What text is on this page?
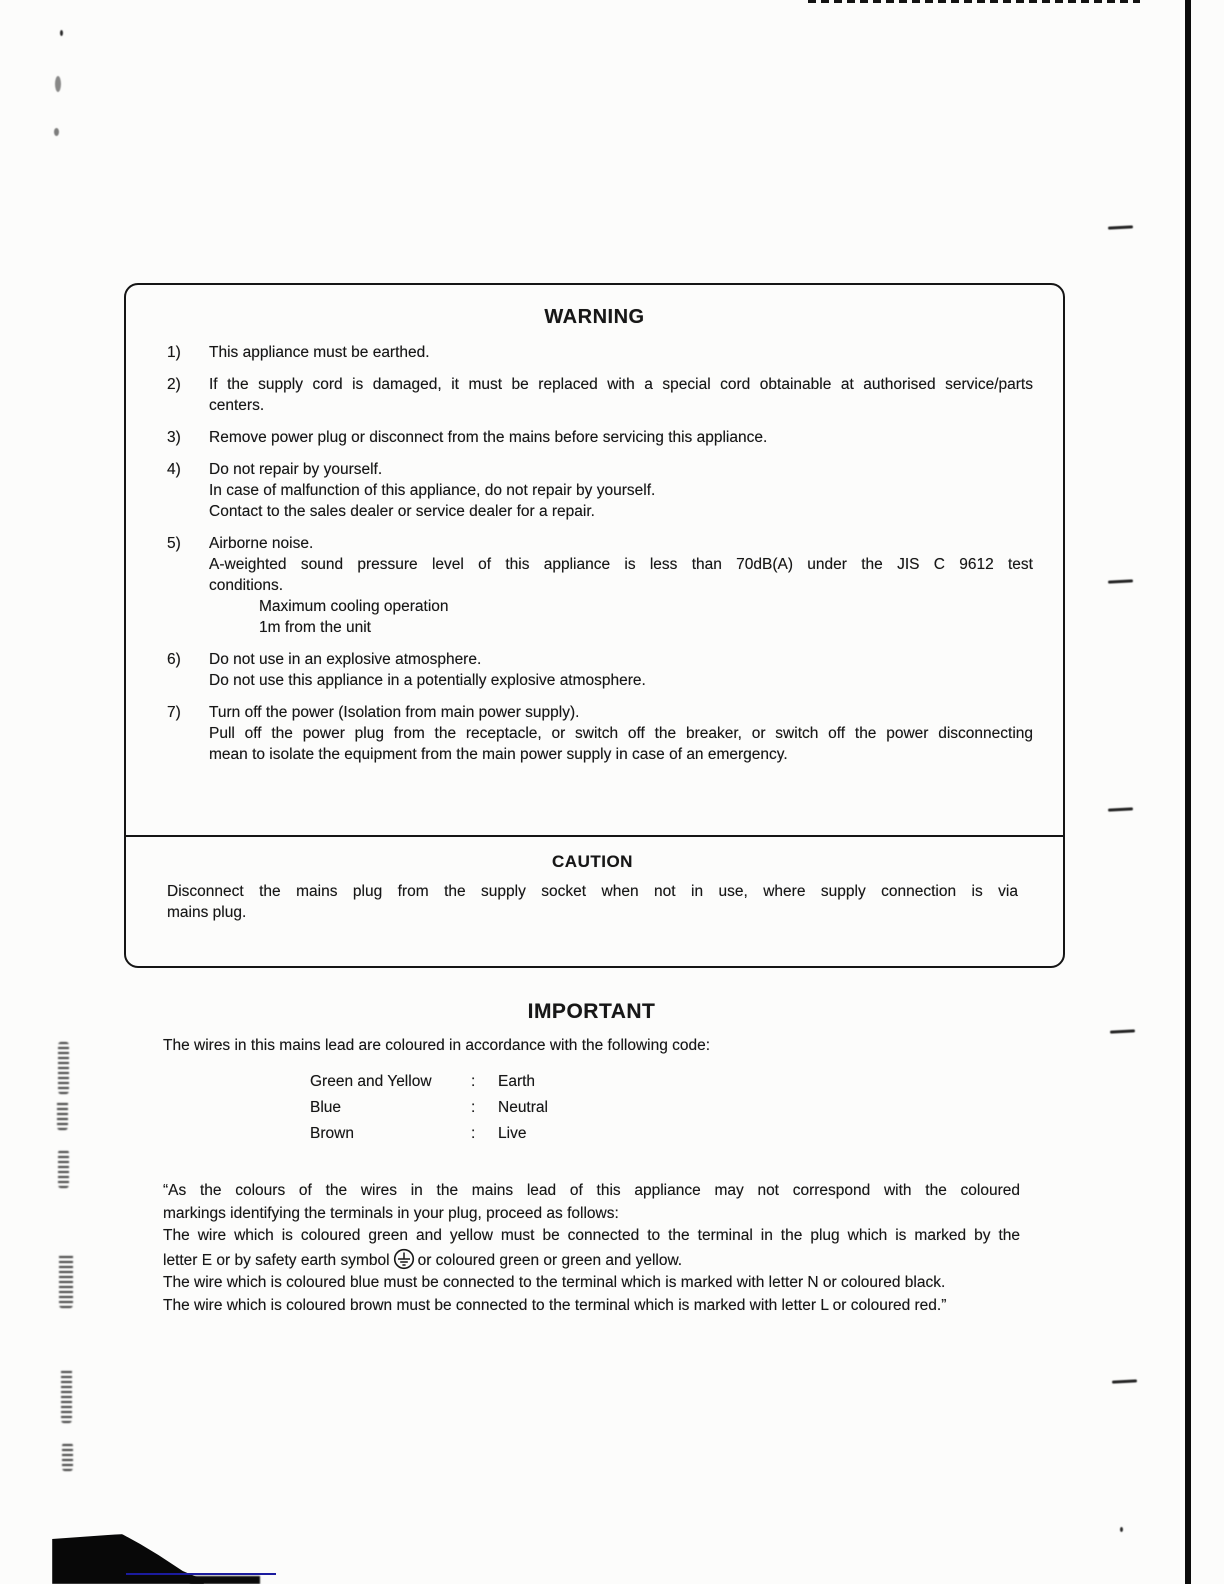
WARNING
1)	This appliance must be earthed.
2)	If the supply cord is damaged, it must be replaced with a special cord obtainable at authorised service/parts
centers.
3)	Remove power plug or disconnect from the mains before servicing this appliance.
4)	Do not repair by yourself.
In case of malfunction of this appliance, do not repair by yourself.
Contact to the sales dealer or service dealer for a repair.
5)	Airborne noise.
A-weighted sound pressure level of this appliance is less than 70dB(A) under the JIS C 9612 test
conditions.
Maximum cooling operation
1m from the unit
6)	Do not use in an explosive atmosphere.
Do not use this appliance in a potentially explosive atmosphere.
7)	Turn off the power (Isolation from main power supply).
Pull off the power plug from the receptacle, or switch off the breaker, or switch off the power disconnecting
mean to isolate the equipment from the main power supply in case of an emergency.
CAUTION
Disconnect the mains plug from the supply socket when not in use, where supply connection is via
mains plug.
IMPORTANT
The wires in this mains lead are coloured in accordance with the following code:
Green and Yellow	:	Earth
Blue	:	Neutral
Brown	:	Live
“As the colours of the wires in the mains lead of this appliance may not correspond with the coloured
markings identifying the terminals in your plug, proceed as follows:
The wire which is coloured green and yellow must be connected to the terminal in the plug which is marked by the
letter E or by safety earth symbol or coloured green or green and yellow.
The wire which is coloured blue must be connected to the terminal which is marked with letter N or coloured black.
The wire which is coloured brown must be connected to the terminal which is marked with letter L or coloured red.”
